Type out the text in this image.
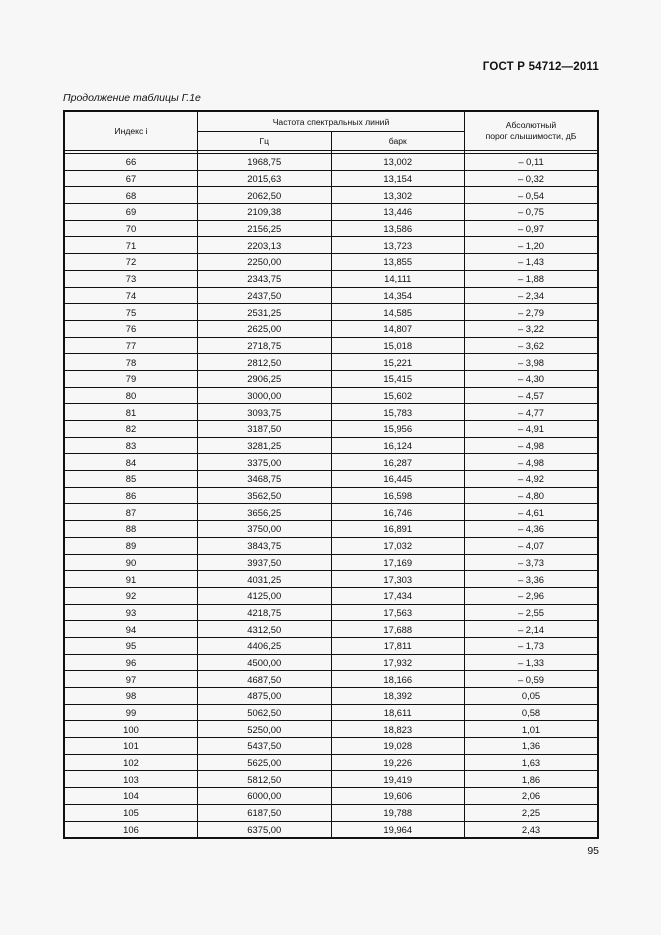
ГОСТ Р 54712—2011
Продолжение таблицы Г.1е
Индекс i	Частота спектральных линий		Абсолютный
порог слышимости, дБ
	Гц	барк	

66	1968,75	13,002	– 0,11
67	2015,63	13,154	– 0,32
68	2062,50	13,302	– 0,54
69	2109,38	13,446	– 0,75
70	2156,25	13,586	– 0,97
71	2203,13	13,723	– 1,20
72	2250,00	13,855	– 1,43
73	2343,75	14,111	– 1,88
74	2437,50	14,354	– 2,34
75	2531,25	14,585	– 2,79
76	2625,00	14,807	– 3,22
77	2718,75	15,018	– 3,62
78	2812,50	15,221	– 3,98
79	2906,25	15,415	– 4,30
80	3000,00	15,602	– 4,57
81	3093,75	15,783	– 4,77
82	3187,50	15,956	– 4,91
83	3281,25	16,124	– 4,98
84	3375,00	16,287	– 4,98
85	3468,75	16,445	– 4,92
86	3562,50	16,598	– 4,80
87	3656,25	16,746	– 4,61
88	3750,00	16,891	– 4,36
89	3843,75	17,032	– 4,07
90	3937,50	17,169	– 3,73
91	4031,25	17,303	– 3,36
92	4125,00	17,434	– 2,96
93	4218,75	17,563	– 2,55
94	4312,50	17,688	– 2,14
95	4406,25	17,811	– 1,73
96	4500,00	17,932	– 1,33
97	4687,50	18,166	– 0,59
98	4875,00	18,392	0,05
99	5062,50	18,611	0,58
100	5250,00	18,823	1,01
101	5437,50	19,028	1,36
102	5625,00	19,226	1,63
103	5812,50	19,419	1,86
104	6000,00	19,606	2,06
105	6187,50	19,788	2,25
106	6375,00	19,964	2,43
95
